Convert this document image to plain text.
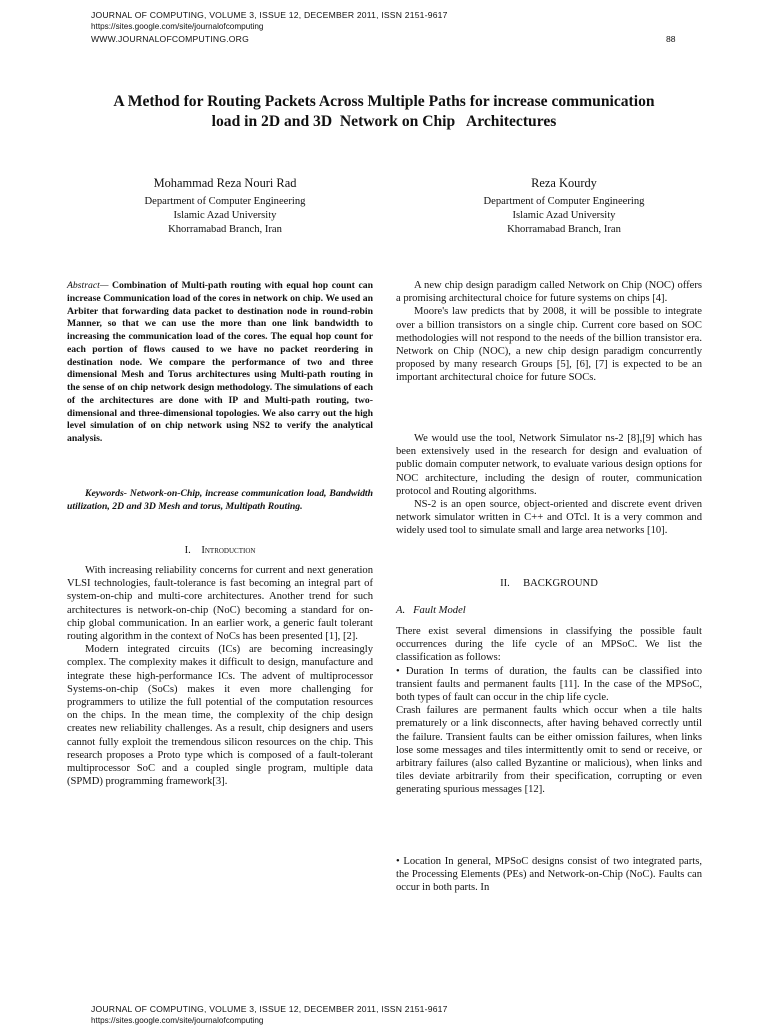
JOURNAL OF COMPUTING, VOLUME 3, ISSUE 12, DECEMBER 2011, ISSN 2151-9617
https://sites.google.com/site/journalofcomputing
WWW.JOURNALOFCOMPUTING.ORG	88
A Method for Routing Packets Across Multiple Paths for increase communication
load in 2D and 3D  Network on Chip   Architectures
Mohammad Reza Nouri Rad
Department of Computer Engineering
Islamic Azad University
Khorramabad Branch, Iran
Reza Kourdy
Department of Computer Engineering
Islamic Azad University
Khorramabad Branch, Iran

Abstract— Combination of Multi-path routing with equal hop count can increase Communication load of the cores in network on chip. We used an Arbiter that forwarding data packet to destination node in round-robin Manner, so that we can use the more than one link bandwidth to increasing the communication load of the cores. The equal hop count for each portion of flows caused to we have no packet reordering in destination node. We compare the performance of two and three dimensional Mesh and Torus architectures using Multi-path routing in the sense of on chip network design methodology. The simulations of each of the architectures are done with IP and Multi-path routing, two-dimensional and three-dimensional topologies. We also carry out the high level simulation of on chip network using NS2 to verify the analytical analysis.

Keywords- Network-on-Chip, increase communication load, Bandwidth utilization, 2D and 3D Mesh and torus, Multipath Routing.

I. Introduction

With increasing reliability concerns for current and next generation VLSI technologies, fault-tolerance is fast becoming an integral part of system-on-chip and multi-core architectures. Another trend for such architectures is network-on-chip (NoC) becoming a standard for on-chip global communication. In an earlier work, a generic fault tolerant routing algorithm in the context of NoCs has been presented [1], [2].

Modern integrated circuits (ICs) are becoming increasingly complex. The complexity makes it difficult to design, manufacture and integrate these high-performance ICs. The advent of multiprocessor Systems-on-chip (SoCs) makes it even more challenging for programmers to utilize the full potential of the computation resources on the chips. In the mean time, the complexity of the chip design creates new reliability challenges. As a result, chip designers and users cannot fully exploit the tremendous silicon resources on the chip. This research proposes a Proto type which is composed of a fault-tolerant multiprocessor SoC and a coupled single program, multiple data (SPMD) programming framework[3].

A new chip design paradigm called Network on Chip (NOC) offers a promising architectural choice for future systems on chips [4].

Moore's law predicts that by 2008, it will be possible to integrate over a billion transistors on a single chip. Current core based on SOC methodologies will not respond to the needs of the billion transistor era. Network on Chip (NOC), a new chip design paradigm concurrently proposed by many research Groups [5], [6], [7] is expected to be an important architectural choice for future SOCs.

We would use the tool, Network Simulator ns-2 [8],[9] which has been extensively used in the research for design and evaluation of public domain computer network, to evaluate various design options for NOC architecture, including the design of router, communication protocol and Routing algorithms.

NS-2 is an open source, object-oriented and discrete event driven network simulator written in C++ and OTcl. It is a very common and widely used tool to simulate small and large area networks [10].

II. BACKGROUND
A.   Fault Model

There exist several dimensions in classifying the possible fault occurrences during the life cycle of an MPSoC. We list the classification as follows:

• Duration In terms of duration, the faults can be classified into transient faults and permanent faults [11]. In the case of the MPSoC, both types of fault can occur in the chip life cycle.

Crash failures are permanent faults which occur when a tile halts prematurely or a link disconnects, after having behaved correctly until the failure. Transient faults can be either omission failures, when links lose some messages and tiles intermittently omit to send or receive, or arbitrary failures (also called Byzantine or malicious), when links and tiles deviate arbitrarily from their specification, corrupting or even generating spurious messages [12].

• Location In general, MPSoC designs consist of two integrated parts, the Processing Elements (PEs) and Network-on-Chip (NoC). Faults can occur in both parts. In

JOURNAL OF COMPUTING, VOLUME 3, ISSUE 12, DECEMBER 2011, ISSN 2151-9617
https://sites.google.com/site/journalofcomputing
